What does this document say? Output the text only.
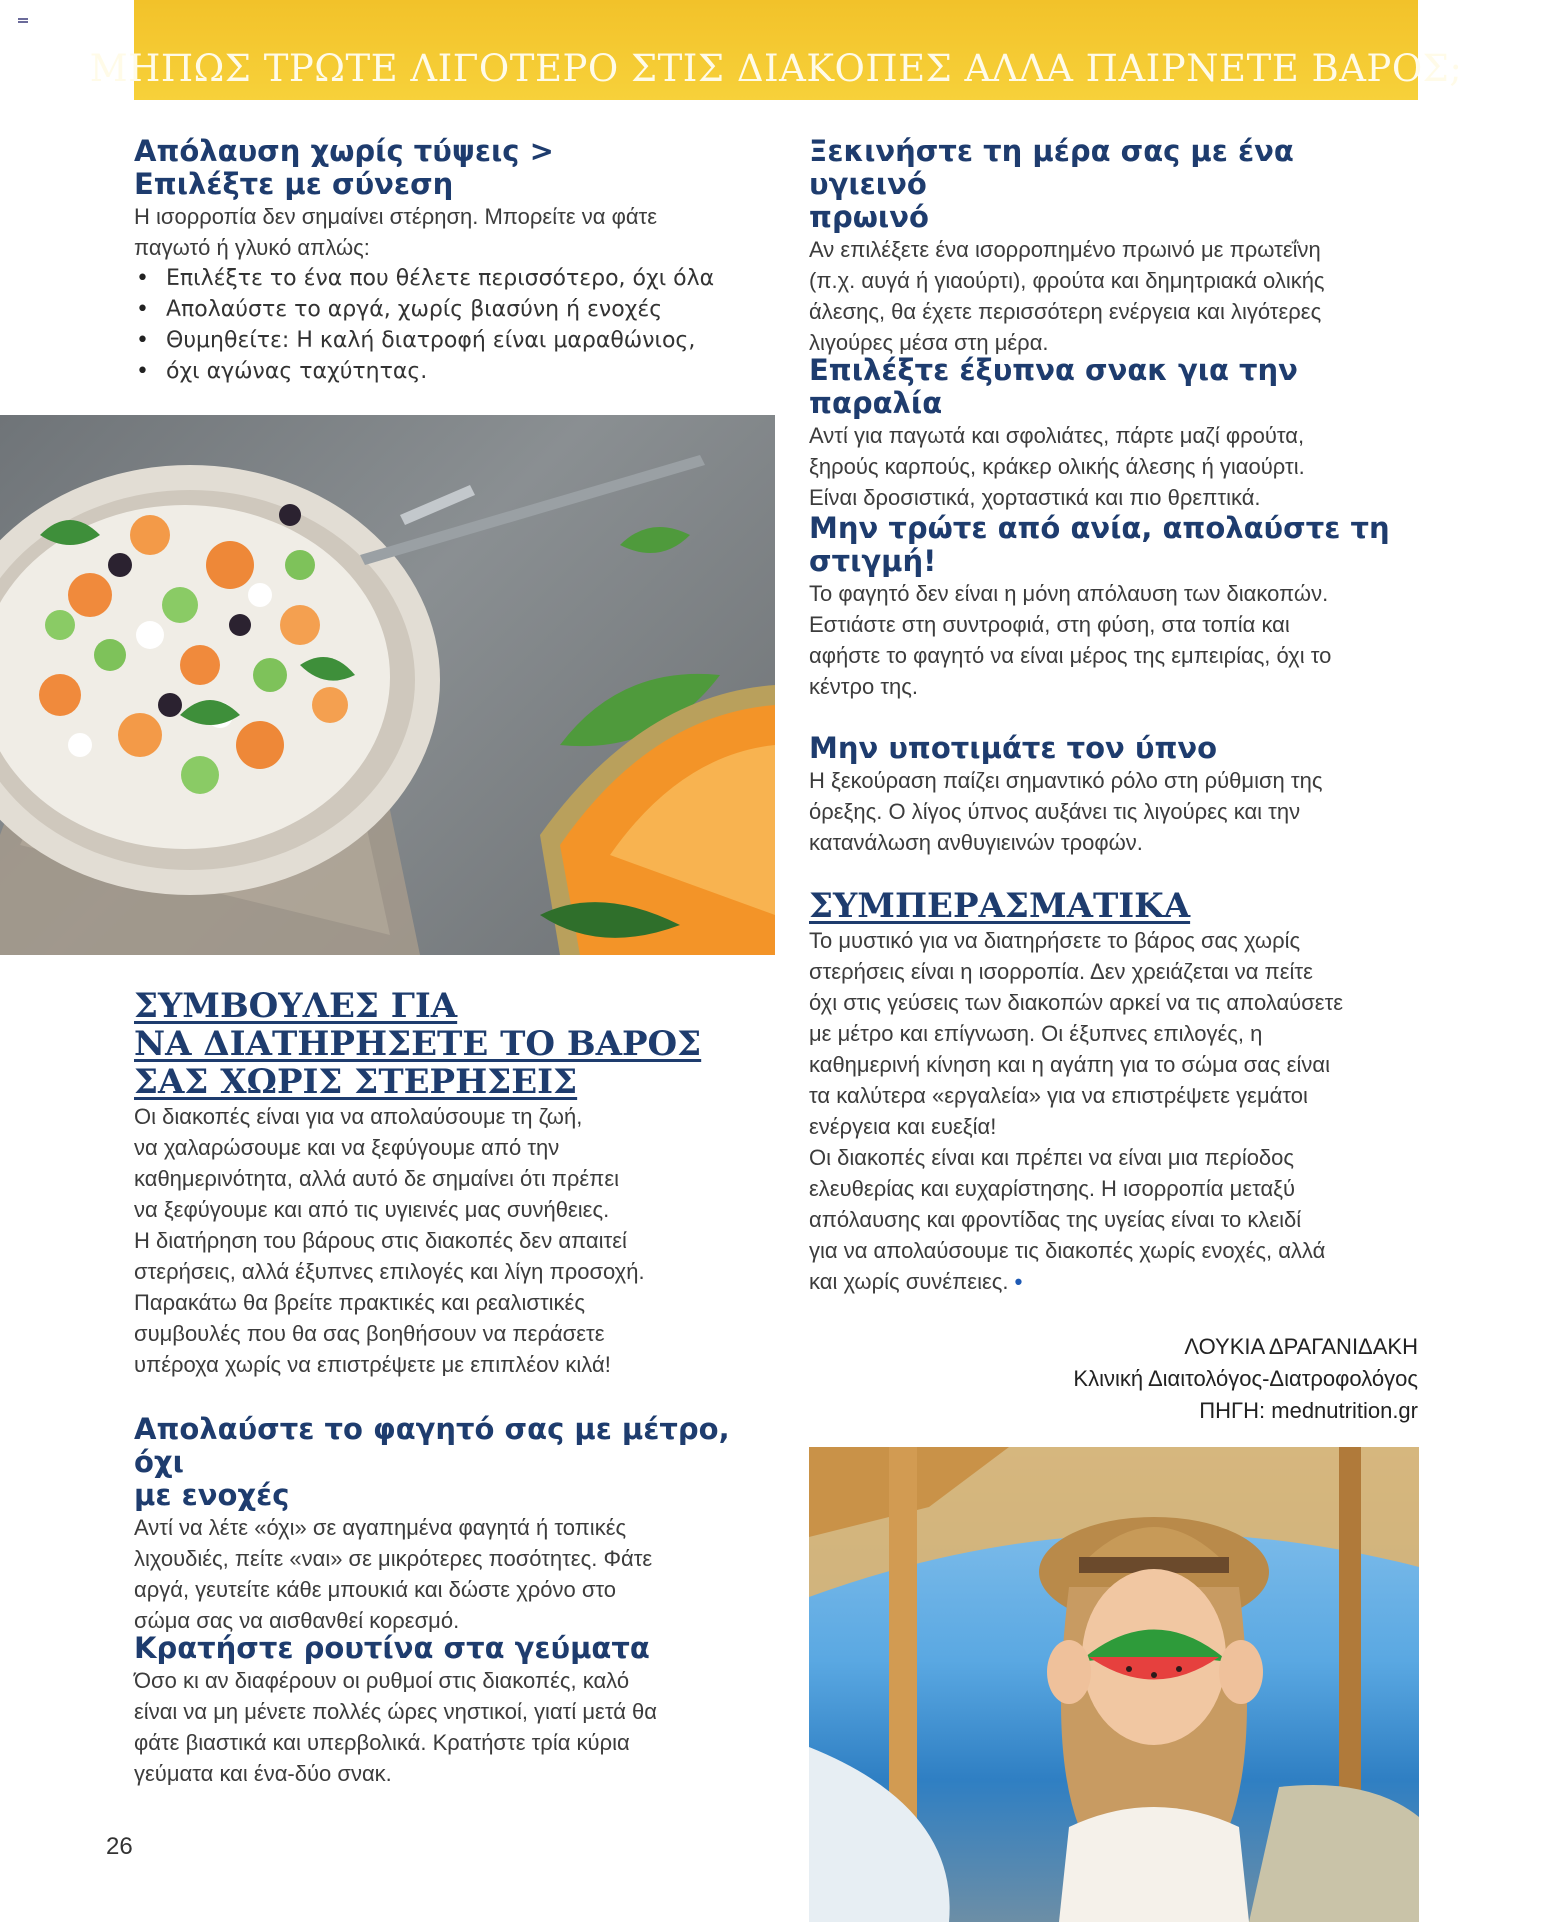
ΜΗΠΩΣ ΤΡΩΤΕ ΛΙΓΟΤΕΡΟ ΣΤΙΣ ΔΙΑΚΟΠΕΣ ΑΛΛΑ ΠΑΙΡΝΕΤΕ ΒΑΡΟΣ;
Απόλαυση χωρίς τύψεις >
Επιλέξτε με σύνεση

Η ισορροπία δεν σημαίνει στέρηση. Μπορείτε να φάτε

παγωτό ή γλυκό απλώς:

• Επιλέξτε το ένα που θέλετε περισσότερο, όχι όλα
• Απολαύστε το αργά, χωρίς βιασύνη ή ενοχές
• Θυμηθείτε: Η καλή διατροφή είναι μαραθώνιος,
• όχι αγώνας ταχύτητας.
ΣΥΜΒΟΥΛΕΣ ΓΙΑ
ΝΑ ΔΙΑΤΗΡΗΣΕΤΕ ΤΟ ΒΑΡΟΣ
ΣΑΣ ΧΩΡΙΣ ΣΤΕΡΗΣΕΙΣ

Οι διακοπές είναι για να απολαύσουμε τη ζωή,

να χαλαρώσουμε και να ξεφύγουμε από την

καθημερινότητα, αλλά αυτό δε σημαίνει ότι πρέπει

να ξεφύγουμε και από τις υγιεινές μας συνήθειες.

Η διατήρηση του βάρους στις διακοπές δεν απαιτεί

στερήσεις, αλλά έξυπνες επιλογές και λίγη προσοχή.

Παρακάτω θα βρείτε πρακτικές και ρεαλιστικές

συμβουλές που θα σας βοηθήσουν να περάσετε

υπέροχα χωρίς να επιστρέψετε με επιπλέον κιλά!

Απολαύστε το φαγητό σας με μέτρο, όχι
με ενοχές

Αντί να λέτε «όχι» σε αγαπημένα φαγητά ή τοπικές

λιχουδιές, πείτε «ναι» σε μικρότερες ποσότητες. Φάτε

αργά, γευτείτε κάθε μπουκιά και δώστε χρόνο στο

σώμα σας να αισθανθεί κορεσμό.

Κρατήστε ρουτίνα στα γεύματα

Όσο κι αν διαφέρουν οι ρυθμοί στις διακοπές, καλό

είναι να μη μένετε πολλές ώρες νηστικοί, γιατί μετά θα

φάτε βιαστικά και υπερβολικά. Κρατήστε τρία κύρια

γεύματα και ένα-δύο σνακ.

Ξεκινήστε τη μέρα σας με ένα υγιεινό
πρωινό

Αν επιλέξετε ένα ισορροπημένο πρωινό με πρωτεΐνη

(π.χ. αυγά ή γιαούρτι), φρούτα και δημητριακά ολικής

άλεσης, θα έχετε περισσότερη ενέργεια και λιγότερες

λιγούρες μέσα στη μέρα.

Επιλέξτε έξυπνα σνακ για την παραλία

Αντί για παγωτά και σφολιάτες, πάρτε μαζί φρούτα,

ξηρούς καρπούς, κράκερ ολικής άλεσης ή γιαούρτι.

Είναι δροσιστικά, χορταστικά και πιο θρεπτικά.

Μην τρώτε από ανία, απολαύστε τη
στιγμή!

Το φαγητό δεν είναι η μόνη απόλαυση των διακοπών.

Εστιάστε στη συντροφιά, στη φύση, στα τοπία και

αφήστε το φαγητό να είναι μέρος της εμπειρίας, όχι το

κέντρο της.

Μην υποτιμάτε τον ύπνο

Η ξεκούραση παίζει σημαντικό ρόλο στη ρύθμιση της

όρεξης. Ο λίγος ύπνος αυξάνει τις λιγούρες και την

κατανάλωση ανθυγιεινών τροφών.

ΣΥΜΠΕΡΑΣΜΑΤΙΚΑ

Το μυστικό για να διατηρήσετε το βάρος σας χωρίς

στερήσεις είναι η ισορροπία. Δεν χρειάζεται να πείτε

όχι στις γεύσεις των διακοπών αρκεί να τις απολαύσετε

με μέτρο και επίγνωση. Οι έξυπνες επιλογές, η

καθημερινή κίνηση και η αγάπη για το σώμα σας είναι

τα καλύτερα «εργαλεία» για να επιστρέψετε γεμάτοι

ενέργεια και ευεξία!

Οι διακοπές είναι και πρέπει να είναι μια περίοδος

ελευθερίας και ευχαρίστησης. Η ισορροπία μεταξύ

απόλαυσης και φροντίδας της υγείας είναι το κλειδί

για να απολαύσουμε τις διακοπές χωρίς ενοχές, αλλά

και χωρίς συνέπειες. •

ΛΟΥΚΙΑ ΔΡΑΓΑΝΙΔΑΚΗ

Κλινική Διαιτολόγος-Διατροφολόγος

ΠΗΓΗ: mednutrition.gr

26
